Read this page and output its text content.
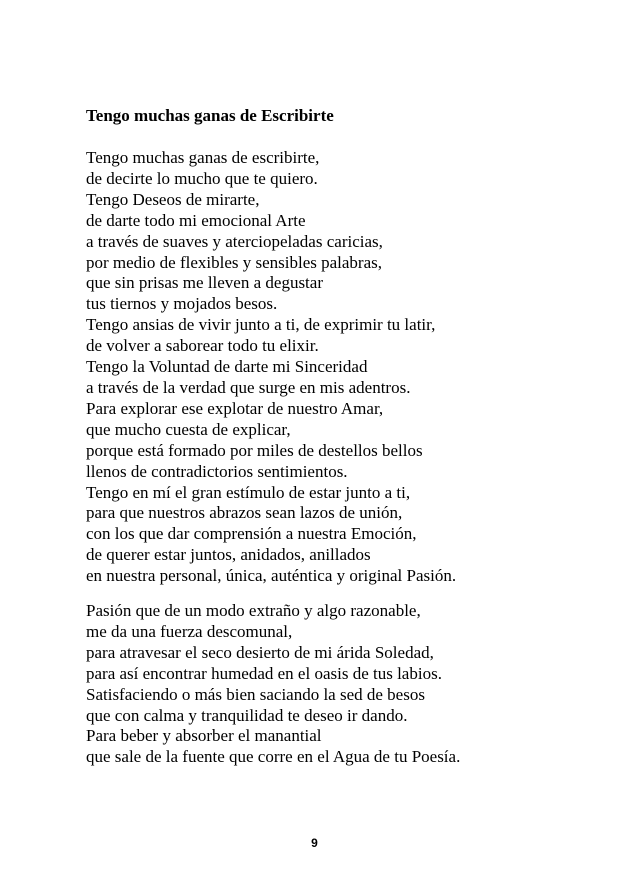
Tengo muchas ganas de Escribirte
Tengo muchas ganas de escribirte,
de decirte lo mucho que te quiero.
Tengo Deseos de mirarte,
de darte todo mi emocional Arte
a través de suaves y aterciopeladas caricias,
por medio de flexibles y sensibles palabras,
que sin prisas me lleven a degustar
tus tiernos y mojados besos.
Tengo ansias de vivir junto a ti, de exprimir tu latir,
de volver a saborear todo tu elixir.
Tengo la Voluntad de darte mi Sinceridad
a través de la verdad que surge en mis adentros.
Para explorar ese explotar de nuestro Amar,
que mucho cuesta de explicar,
porque está formado por miles de destellos bellos
llenos de contradictorios sentimientos.
Tengo en mí el gran estímulo de estar junto a ti,
para que nuestros abrazos sean lazos de unión,
con los que dar comprensión a nuestra Emoción,
de querer estar juntos, anidados, anillados
en nuestra personal, única, auténtica y original Pasión.
Pasión que de un modo extraño y algo razonable,
me da una fuerza descomunal,
para atravesar el seco desierto de mi árida Soledad,
para así encontrar humedad en el oasis de tus labios.
Satisfaciendo o más bien saciando la sed de besos
que con calma y tranquilidad te deseo ir dando.
Para beber y absorber el manantial
que sale de la fuente que corre en el Agua de tu Poesía.
9
